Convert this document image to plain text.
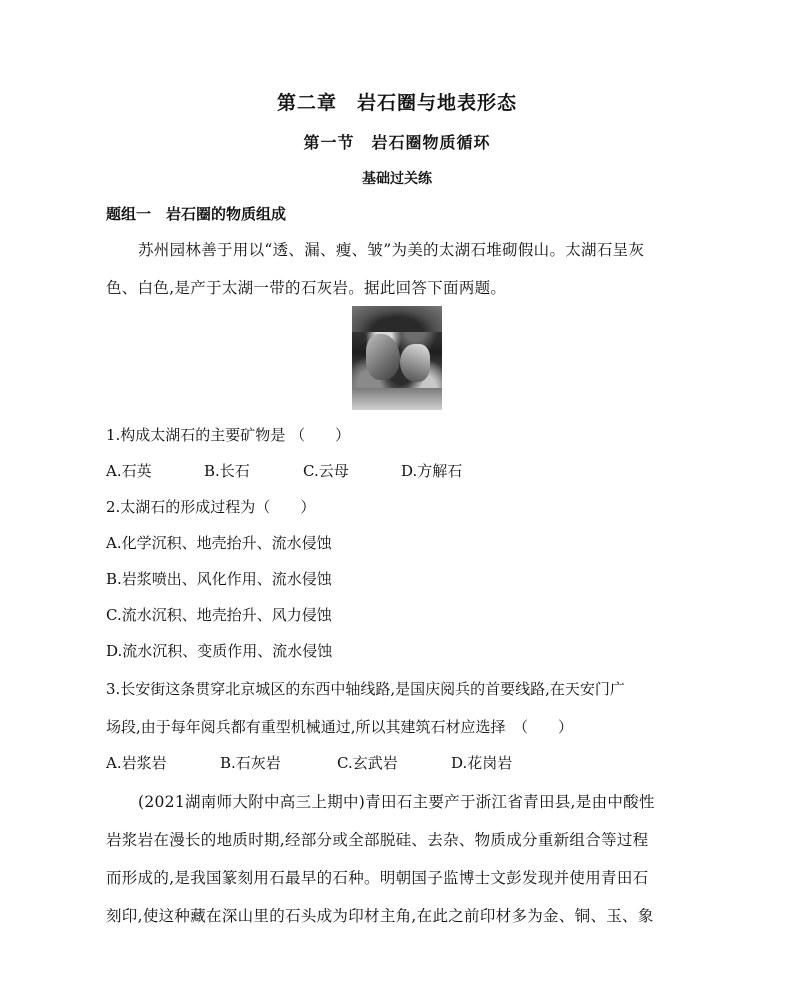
第二章　岩石圈与地表形态
第一节　岩石圈物质循环
基础过关练
题组一　岩石圈的物质组成
苏州园林善于用以“透、漏、瘦、皱”为美的太湖石堆砌假山。太湖石呈灰
色、白色,是产于太湖一带的石灰岩。据此回答下面两题。
1.构成太湖石的主要矿物是 （　　）
A.石英	B.长石	C.云母	D.方解石
2.太湖石的形成过程为（　　）
A.化学沉积、地壳抬升、流水侵蚀
B.岩浆喷出、风化作用、流水侵蚀
C.流水沉积、地壳抬升、风力侵蚀
D.流水沉积、变质作用、流水侵蚀
3.长安街这条贯穿北京城区的东西中轴线路,是国庆阅兵的首要线路,在天安门广
场段,由于每年阅兵都有重型机械通过,所以其建筑石材应选择　（　　）
A.岩浆岩	B.石灰岩	C.玄武岩	D.花岗岩
(2021湖南师大附中高三上期中)青田石主要产于浙江省青田县,是由中酸性
岩浆岩在漫长的地质时期,经部分或全部脱硅、去杂、物质成分重新组合等过程
而形成的,是我国篆刻用石最早的石种。明朝国子监博士文彭发现并使用青田石
刻印,使这种藏在深山里的石头成为印材主角,在此之前印材多为金、铜、玉、象
